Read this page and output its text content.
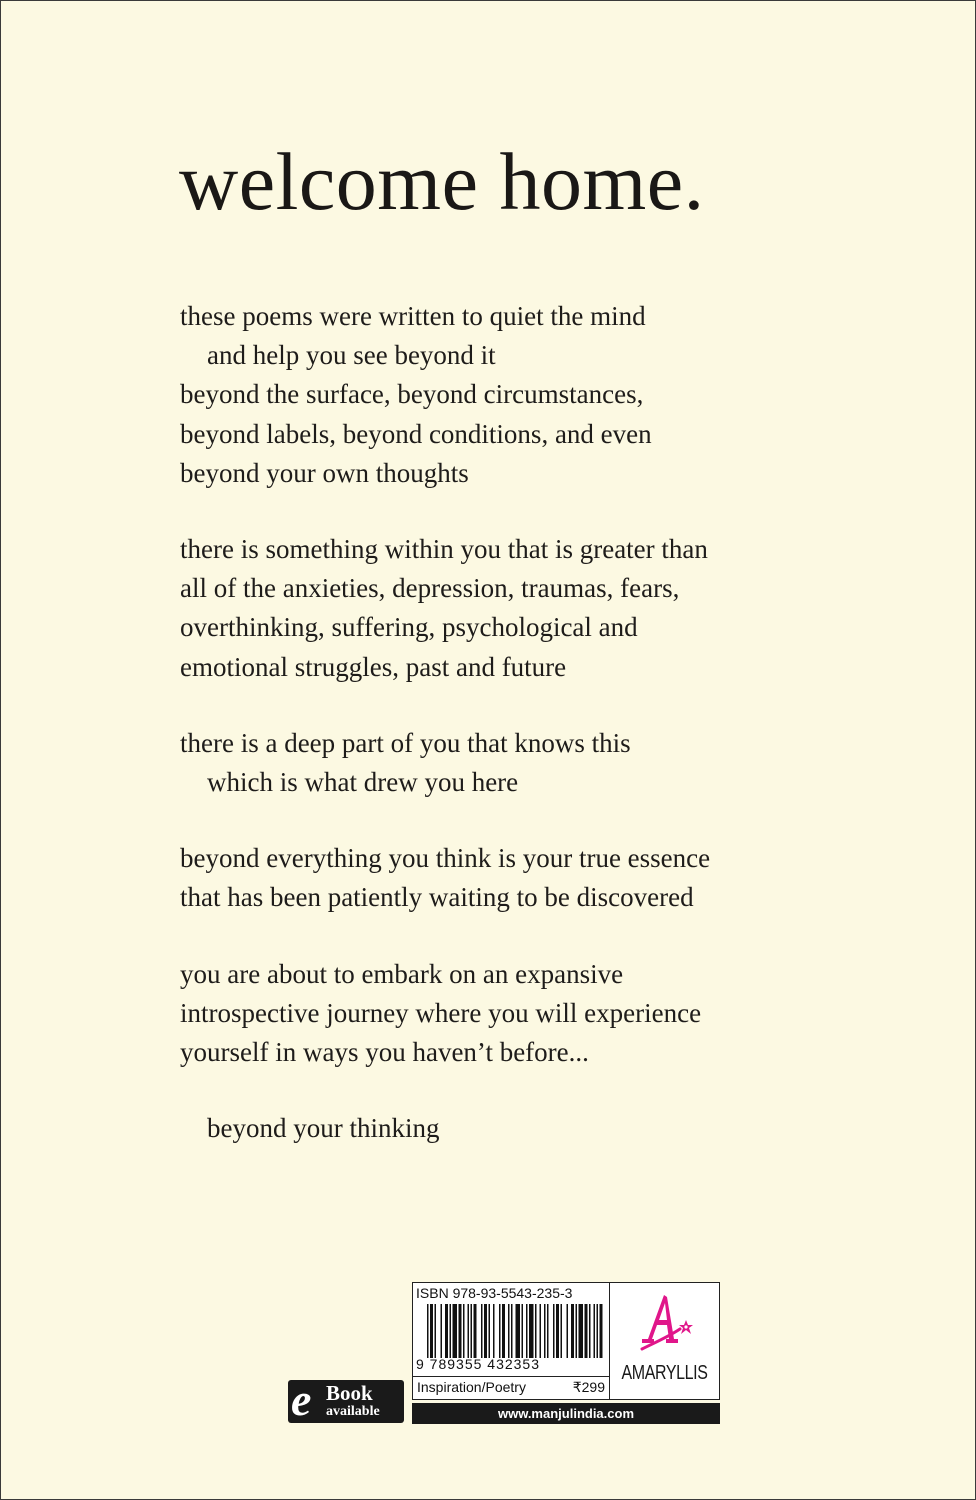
welcome home.
these poems were written to quiet the mind
and help you see beyond it
beyond the surface, beyond circumstances,
beyond labels, beyond conditions, and even
beyond your own thoughts
there is something within you that is greater than
all of the anxieties, depression, traumas, fears,
overthinking, suffering, psychological and
emotional struggles, past and future
there is a deep part of you that knows this
which is what drew you here
beyond everything you think is your true essence
that has been patiently waiting to be discovered
you are about to embark on an expansive
introspective journey where you will experience
yourself in ways you haven’t before...
beyond your thinking
e Book
available
ISBN 978-93-5543-235-3
9 789355 432353
Inspiration/Poetry	₹299
AMARYLLIS
www.manjulindia.com
